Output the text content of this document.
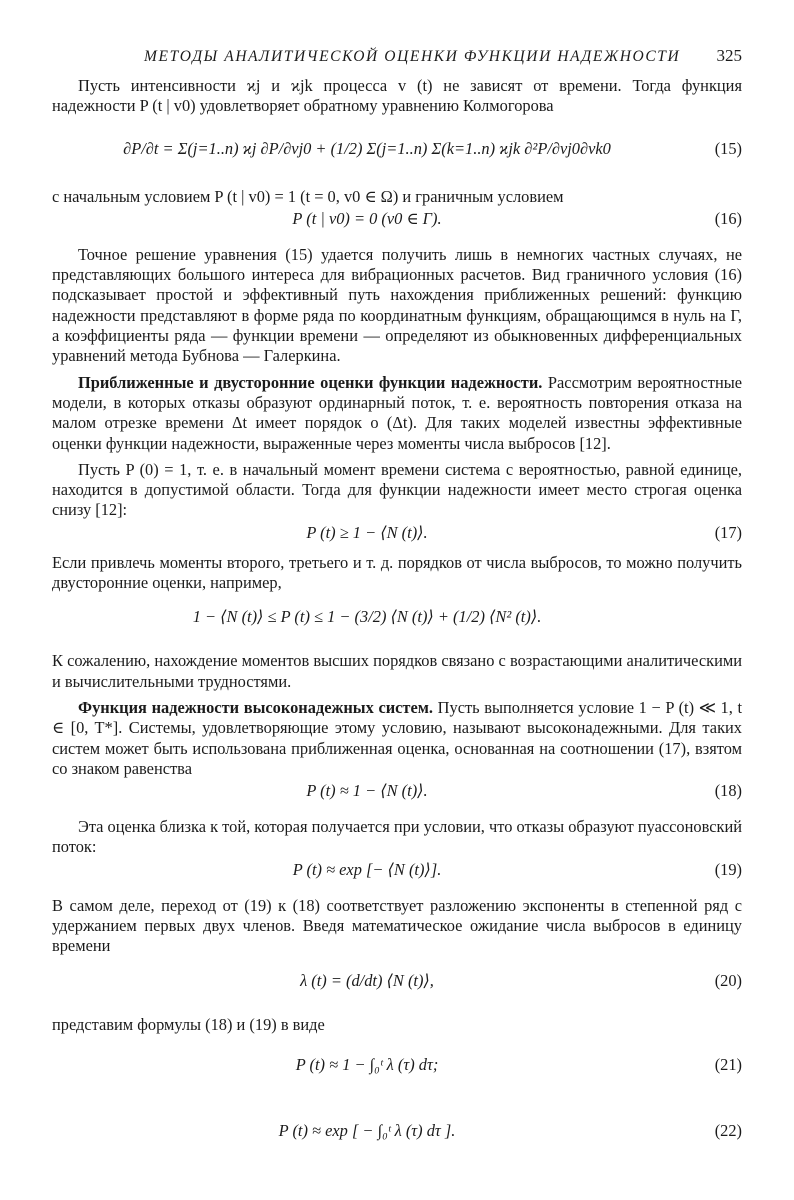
МЕТОДЫ АНАЛИТИЧЕСКОЙ ОЦЕНКИ ФУНКЦИИ НАДЕЖНОСТИ 325

Пусть интенсивности ϰj и ϰjk процесса v (t) не зависят от времени. Тогда функция надежности P (t | v0) удовлетворяет обратному уравнению Колмогорова

∂P/∂t = Σ(j=1..n) ϰj ∂P/∂vj0 + (1/2) Σ(j=1..n) Σ(k=1..n) ϰjk ∂²P/∂vj0∂vk0	(15)

с начальным условием P (t | v0) = 1 (t = 0, v0 ∈ Ω) и граничным условием

P (t | v0) = 0 (v0 ∈ Γ).	(16)

Точное решение уравнения (15) удается получить лишь в немногих частных случаях, не представляющих большого интереса для вибрационных расчетов. Вид граничного условия (16) подсказывает простой и эффективный путь нахождения приближенных решений: функцию надежности представляют в форме ряда по координатным функциям, обращающимся в нуль на Γ, а коэффициенты ряда — функции времени — определяют из обыкновенных дифференциальных уравнений метода Бубнова — Галеркина.

Приближенные и двусторонние оценки функции надежности. Рассмотрим вероятностные модели, в которых отказы образуют ординарный поток, т. е. вероятность повторения отказа на малом отрезке времени Δt имеет порядок o (Δt). Для таких моделей известны эффективные оценки функции надежности, выраженные через моменты числа выбросов [12].

Пусть P (0) = 1, т. е. в начальный момент времени система с вероятностью, равной единице, находится в допустимой области. Тогда для функции надежности имеет место строгая оценка снизу [12]:

P (t) ≥ 1 − ⟨N (t)⟩.	(17)

Если привлечь моменты второго, третьего и т. д. порядков от числа выбросов, то можно получить двусторонние оценки, например,

1 − ⟨N (t)⟩ ≤ P (t) ≤ 1 − (3/2) ⟨N (t)⟩ + (1/2) ⟨N² (t)⟩.

К сожалению, нахождение моментов высших порядков связано с возрастающими аналитическими и вычислительными трудностями.

Функция надежности высоконадежных систем. Пусть выполняется условие 1 − P (t) ≪ 1, t ∈ [0, T*]. Системы, удовлетворяющие этому условию, называют высоконадежными. Для таких систем может быть использована приближенная оценка, основанная на соотношении (17), взятом со знаком равенства

P (t) ≈ 1 − ⟨N (t)⟩.	(18)

Эта оценка близка к той, которая получается при условии, что отказы образуют пуассоновский поток:

P (t) ≈ exp [− ⟨N (t)⟩].	(19)

В самом деле, переход от (19) к (18) соответствует разложению экспоненты в степенной ряд с удержанием первых двух членов. Введя математическое ожидание числа выбросов в единицу времени

λ (t) = (d/dt) ⟨N (t)⟩,	(20)

представим формулы (18) и (19) в виде

P (t) ≈ 1 − ∫₀ᵗ λ (τ) dτ;	(21)
P (t) ≈ exp [ − ∫₀ᵗ λ (τ) dτ ].	(22)
